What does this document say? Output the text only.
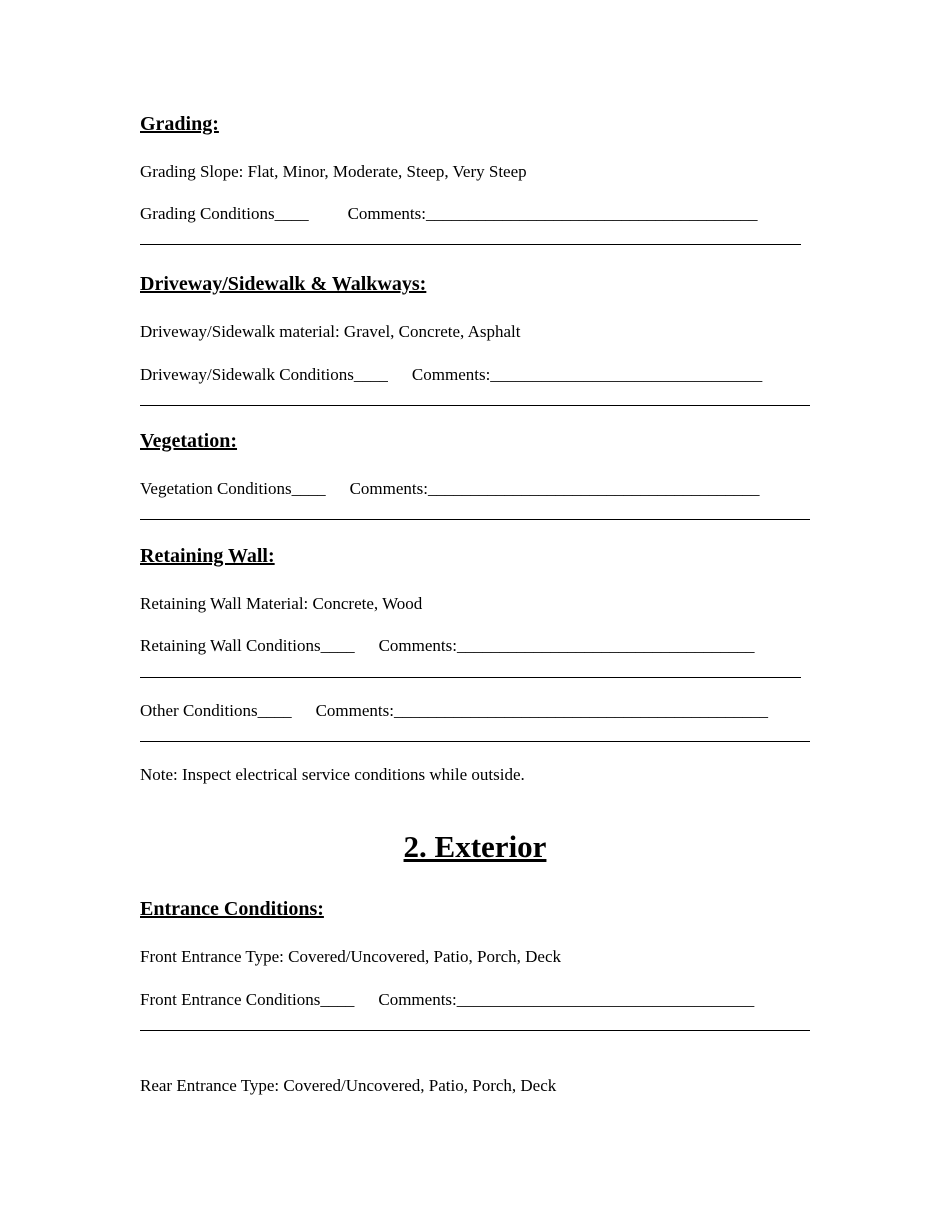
Grading:
Grading Slope: Flat, Minor, Moderate, Steep, Very Steep
Grading Conditions____ Comments:_______________________________________
Driveway/Sidewalk & Walkways:
Driveway/Sidewalk material: Gravel, Concrete, Asphalt
Driveway/Sidewalk Conditions____ Comments:________________________________
Vegetation:
Vegetation Conditions____ Comments:_______________________________________
Retaining Wall:
Retaining Wall Material: Concrete, Wood
Retaining Wall Conditions____ Comments:___________________________________
Other Conditions____ Comments:____________________________________________
Note: Inspect electrical service conditions while outside.
2. Exterior
Entrance Conditions:
Front Entrance Type: Covered/Uncovered, Patio, Porch, Deck
Front Entrance Conditions____ Comments:___________________________________
Rear Entrance Type: Covered/Uncovered, Patio, Porch, Deck
